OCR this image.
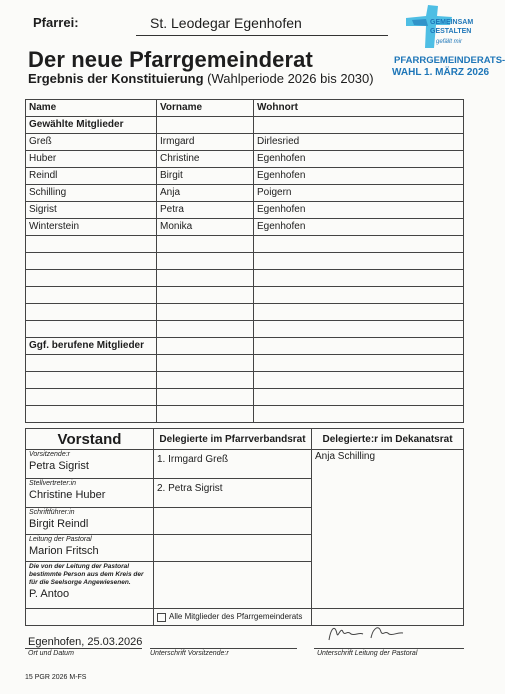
Pfarrei:	St. Leodegar Egenhofen
Der neue Pfarrgemeinderat
Ergebnis der Konstituierung (Wahlperiode 2026 bis 2030)
GEMEINSAM
GESTALTEN
gefällt mir
PFARRGEMEINDERATS-
WAHL 1. MÄRZ 2026
Name	Vorname	Wohnort
Gewählte Mitglieder		
Greß	Irmgard	Dirlesried
Huber	Christine	Egenhofen
Reindl	Birgit	Egenhofen
Schilling	Anja	Poigern
Sigrist	Petra	Egenhofen
Winterstein	Monika	Egenhofen

Ggf. berufene Mitglieder		

Vorstand	Delegierte im Pfarrverbandsrat	Delegierte:r im Dekanatsrat

Vorsitzende:r
Petra Sigrist	1. Irmgard Greß	Anja Schilling

Stellvertreter:in
Christine Huber	2. Petra Sigrist	

Schriftführer:in
Birgit Reindl		

Leitung der Pastoral
Marion Fritsch		

Die von der Leitung der Pastoral bestimmte Person aus dem Kreis der für die Seelsorge Angewiesenen.
P. Antoo		

	Alle Mitglieder des Pfarrgemeinderats	
Egenhofen, 25.03.2026
Ort und Datum	Unterschrift Vorsitzende:r	Unterschrift Leitung der Pastoral
15 PGR 2026 M-FS
